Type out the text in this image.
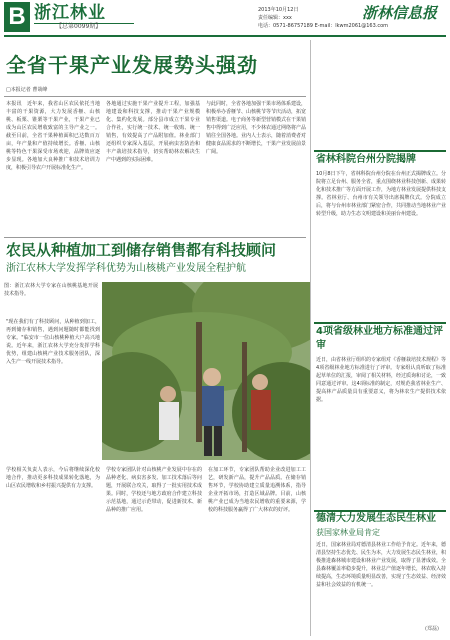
B 浙江林业
【总第0099期】
2013年10月12日
责任编辑：xxx
电话：0571-86757189 E-mail：lkwm2061@163.com
浙林信息报
全省干果产业发展势头强劲
□本报记者 曹哉峰
本报讯　近年来，我省山区农民依托当地丰富的干果资源，大力发展香榧、山核桃、板栗、锥栗等干果产业，干果产业已成为山区农民增收致富的主导产业之一。截至目前，全省干果种植面积已达数百万亩，年产量和产值持续增长。香榧、山核桃等特色干果深受市场欢迎，品牌效应逐步显现。各地加大良种推广和技术培训力度，积极引导农户开展标准化生产。
各地通过实施干果产业提升工程，加强基地建设和科技支撑，推动干果产业规模化、集约化发展。部分县市成立干果专业合作社，实行统一技术、统一收购、统一销售，有效提高了产品附加值。林业部门还组织专家深入基层，开展病虫害防治和丰产栽培技术指导，切实帮助林农解决生产中遇到的实际困难。
与此同时，全省各地加强干果市场体系建设，积极举办香榧节、山核桃节等节庆活动，拓宽销售渠道。电子商务等新型营销模式在干果销售中得到广泛应用，不少林农通过网络将产品销往全国各地。业内人士表示，随着消费者对健康食品需求的不断增长，干果产业发展前景广阔。
农民从种植加工到储存销售都有科技顾问
浙江农林大学发挥学科优势为山核桃产业发展全程护航
图：浙江农林大学专家在山核桃基地开展技术指导。
"现在我们有了科技顾问，从种植到加工，再到储存和销售，遇到问题随时都能找到专家。"临安市一位山核桃种植大户高兴地说。近年来，浙江农林大学充分发挥学科优势，组建山核桃产业技术服务团队，深入生产一线开展技术指导。
学校相关负责人表示，今后将继续深化校地合作，推动更多科技成果转化落地，为山区农民增收和乡村振兴提供有力支撑。
学校专家团队针对山核桃产业发展中存在的品种老化、病虫害多发、加工技术落后等问题，开展联合攻关，取得了一批实用技术成果。同时，学校还与地方政府合作建立科技示范基地，通过示范带动，促进新技术、新品种的推广应用。
在加工环节，专家团队帮助企业改进加工工艺，研发新产品，提升产品品质。在储存销售环节，学校协助建立质量追溯体系，指导企业开拓市场，打造区域品牌。目前，山核桃产业已成为当地农民增收的重要来源，学校的科技服务赢得了广大林农的好评。
省林科院台州分院揭牌
10月8日下午，省林科院台州分院在台州正式揭牌成立。分院将立足台州、服务全省，重点围绕林业科技创新、成果转化和技术推广等方面开展工作，为地方林业发展提供科技支撑。省林业厅、台州市有关领导出席揭牌仪式。分院成立后，将与台州市林业部门紧密合作，共同推动当地林业产业转型升级，助力生态文明建设和美丽台州建设。
4项省级林业地方标准通过评审
近日，由省林业厅组织的专家组对《香榧栽培技术规程》等4项省级林业地方标准进行了评审。专家组认真听取了标准起草单位的汇报，审阅了相关材料，经过质询和讨论，一致同意通过评审。这4项标准的制定，对规范我省林业生产、提高林产品质量具有重要意义，将为林农生产提供技术依据。
德清大力发展生态民生林业
获国家林业局肯定
近日，国家林业局对德清县林业工作给予肯定。近年来，德清县坚持生态优先、民生为本，大力发展生态民生林业，积极推进森林城市建设和林业产业发展，取得了显著成效。全县森林覆盖率稳步提升，林业总产值逐年增长，林农收入持续提高，生态环境质量明显改善，实现了生态效益、经济效益和社会效益的有机统一。
(郑磊)
